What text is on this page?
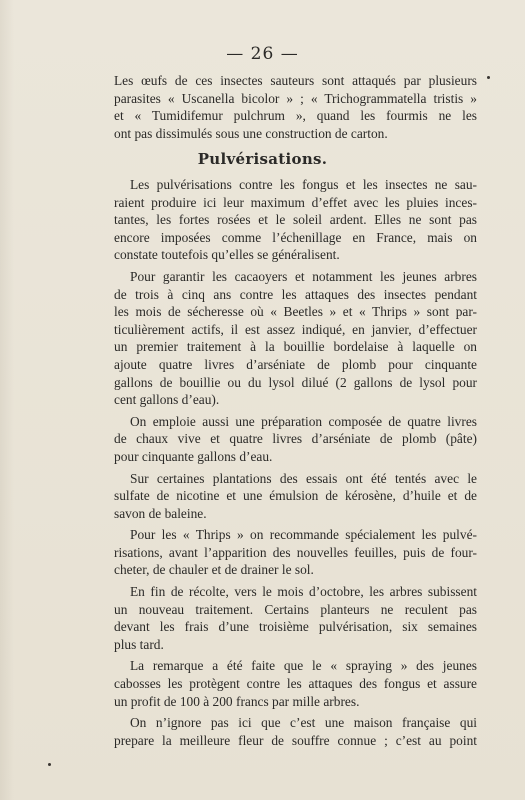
— 26 —
Les œufs de ces insectes sauteurs sont attaqués par plusieurs
parasites « Uscanella bicolor » ; « Trichogrammatella tristis »
et « Tumidifemur pulchrum », quand les fourmis ne les
ont pas dissimulés sous une construction de carton.
Pulvérisations.
Les pulvérisations contre les fongus et les insectes ne sau-
raient produire ici leur maximum d’effet avec les pluies inces-
tantes, les fortes rosées et le soleil ardent. Elles ne sont pas
encore imposées comme l’échenillage en France, mais on
constate toutefois qu’elles se généralisent.
Pour garantir les cacaoyers et notamment les jeunes arbres
de trois à cinq ans contre les attaques des insectes pendant
les mois de sécheresse où « Beetles » et « Thrips » sont par-
ticulièrement actifs, il est assez indiqué, en janvier, d’effectuer
un premier traitement à la bouillie bordelaise à laquelle on
ajoute quatre livres d’arséniate de plomb pour cinquante
gallons de bouillie ou du lysol dilué (2 gallons de lysol pour
cent gallons d’eau).
On emploie aussi une préparation composée de quatre livres
de chaux vive et quatre livres d’arséniate de plomb (pâte)
pour cinquante gallons d’eau.
Sur certaines plantations des essais ont été tentés avec le
sulfate de nicotine et une émulsion de kérosène, d’huile et de
savon de baleine.
Pour les « Thrips » on recommande spécialement les pulvé-
risations, avant l’apparition des nouvelles feuilles, puis de four-
cheter, de chauler et de drainer le sol.
En fin de récolte, vers le mois d’octobre, les arbres subissent
un nouveau traitement. Certains planteurs ne reculent pas
devant les frais d’une troisième pulvérisation, six semaines
plus tard.
La remarque a été faite que le « spraying » des jeunes
cabosses les protègent contre les attaques des fongus et assure
un profit de 100 à 200 francs par mille arbres.
On n’ignore pas ici que c’est une maison française qui
prepare la meilleure fleur de souffre connue ; c’est au point
